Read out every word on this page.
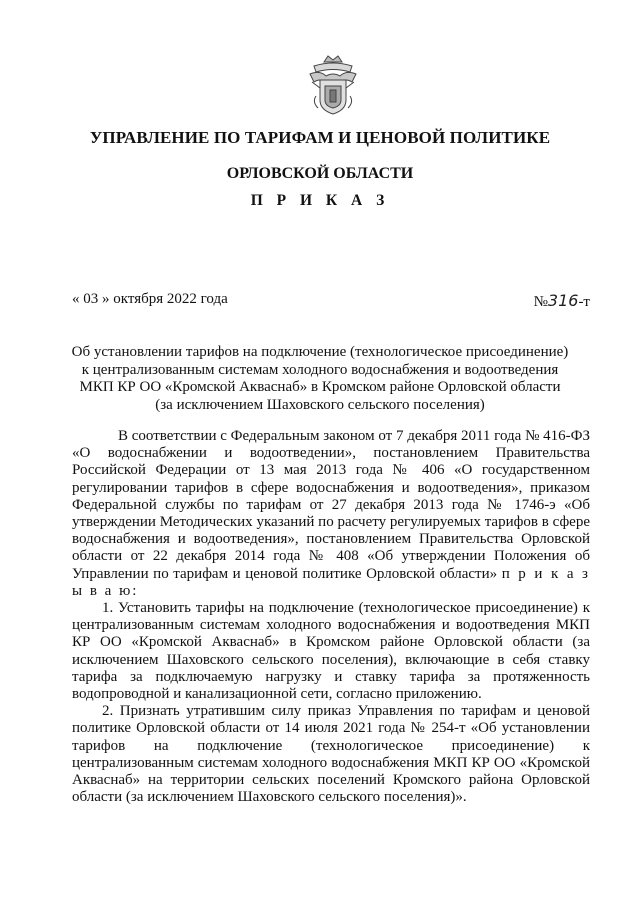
УПРАВЛЕНИЕ ПО ТАРИФАМ И ЦЕНОВОЙ ПОЛИТИКЕ
ОРЛОВСКОЙ ОБЛАСТИ
П Р И К А З
« 03 » октября 2022 года	№316-т
Об установлении тарифов на подключение (технологическое присоединение)
к централизованным системам холодного водоснабжения и водоотведения
МКП КР ОО «Кромской Акваснаб» в Кромском районе Орловской области
(за исключением Шаховского сельского поселения)

В соответствии с Федеральным законом от 7 декабря 2011 года № 416-ФЗ «О водоснабжении и водоотведении», постановлением Правительства Российской Федерации от 13 мая 2013 года № 406 «О государственном регулировании тарифов в сфере водоснабжения и водоотведения», приказом Федеральной службы по тарифам от 27 декабря 2013 года № 1746-э «Об утверждении Методических указаний по расчету регулируемых тарифов в сфере водоснабжения и водоотведения», постановлением Правительства Орловской области от 22 декабря 2014 года № 408 «Об утверждении Положения об Управлении по тарифам и ценовой политике Орловской области» п р и к а з ы в а ю:

1. Установить тарифы на подключение (технологическое присоединение) к централизованным системам холодного водоснабжения и водоотведения МКП КР ОО «Кромской Акваснаб» в Кромском районе Орловской области (за исключением Шаховского сельского поселения), включающие в себя ставку тарифа за подключаемую нагрузку и ставку тарифа за протяженность водопроводной и канализационной сети, согласно приложению.

2. Признать утратившим силу приказ Управления по тарифам и ценовой политике Орловской области от 14 июля 2021 года № 254-т «Об установлении тарифов на подключение (технологическое присоединение) к централизованным системам холодного водоснабжения МКП КР ОО «Кромской Акваснаб» на территории сельских поселений Кромского района Орловской области (за исключением Шаховского сельского поселения)».
